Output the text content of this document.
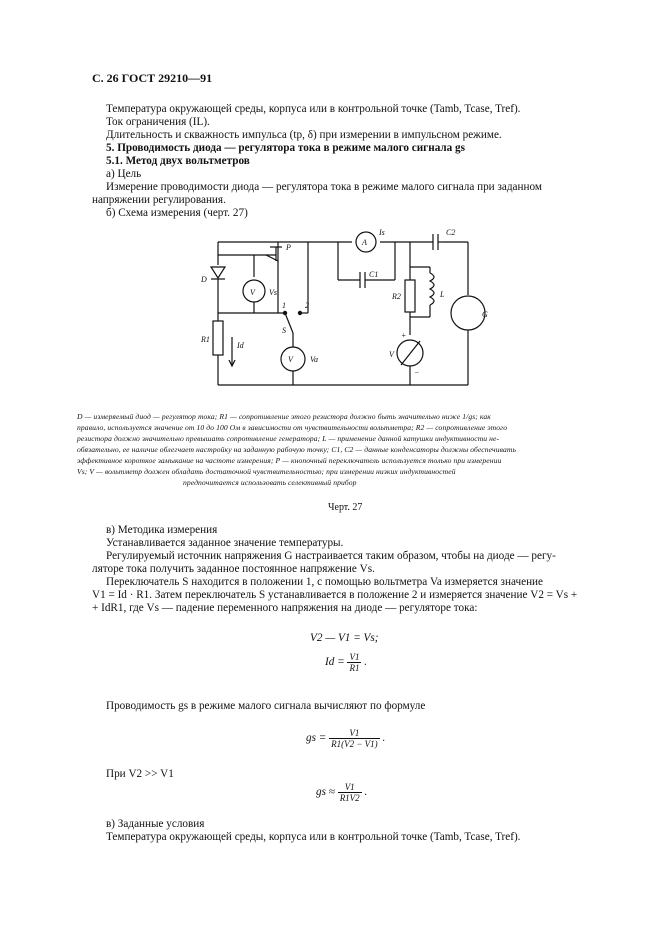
С. 26 ГОСТ 29210—91
Температура окружающей среды, корпуса или в контрольной точке (Tamb, Tcase, Tref).
Ток ограничения (IL).
Длительность и скважность импульса (tp, δ) при измерении в импульсном режиме.
5. Проводимость диода — регулятора тока в режиме малого сигнала gs
5.1. Метод двух вольтметров
а) Цель
Измерение проводимости диода — регулятора тока в режиме малого сигнала при заданном
напряжении регулирования.
б) Схема измерения (черт. 27)
D
P
V Vs
1 2
S
V Va
R1
Id
A
Is
C1
C2
R2	L
V
G
+
−
D — измеряемый диод — регулятор тока; R1 — сопротивление этого резистора должно быть значительно ниже 1/gs; как
правило, используется значение от 10 до 100 Ом в зависимости от чувствительности вольтметра; R2 — сопротивление этого
резистора должно значительно превышать сопротивление генератора; L — применение данной катушки индуктивности не-
обязательно, ее наличие облегчает настройку на заданную рабочую точку; C1, C2 — данные конденсаторы должны обеспечивать
эффективное короткое замыкание на частоте измерения; P — кнопочный переключатель используется только при измерении
Vs; V — вольтметр должен обладать достаточной чувствительностью; при измерении низких индуктивностей
предпочитается использовать селективный прибор
Черт. 27
в) Методика измерения
Устанавливается заданное значение температуры.
Регулируемый источник напряжения G настраивается таким образом, чтобы на диоде — регу-
ляторе тока получить заданное постоянное напряжение Vs.
Переключатель S находится в положении 1, с помощью вольтметра Va измеряется значение
V1 = Id · R1. Затем переключатель S устанавливается в положение 2 и измеряется значение V2 = Vs +
+ IdR1, где Vs — падение переменного напряжения на диоде — регуляторе тока:
V2 — V1 = Vs;
$Id = \frac{V1}{R1}$ .
Проводимость gs в режиме малого сигнала вычисляют по формуле
gs = $\frac{V1}{R1(V2 - V1)}$ .
При V2 >> V1
gs ≈ $\frac{V1}{R1V2}$ .
в) Заданные условия
Температура окружающей среды, корпуса или в контрольной точке (Tamb, Tcase, Tref).
